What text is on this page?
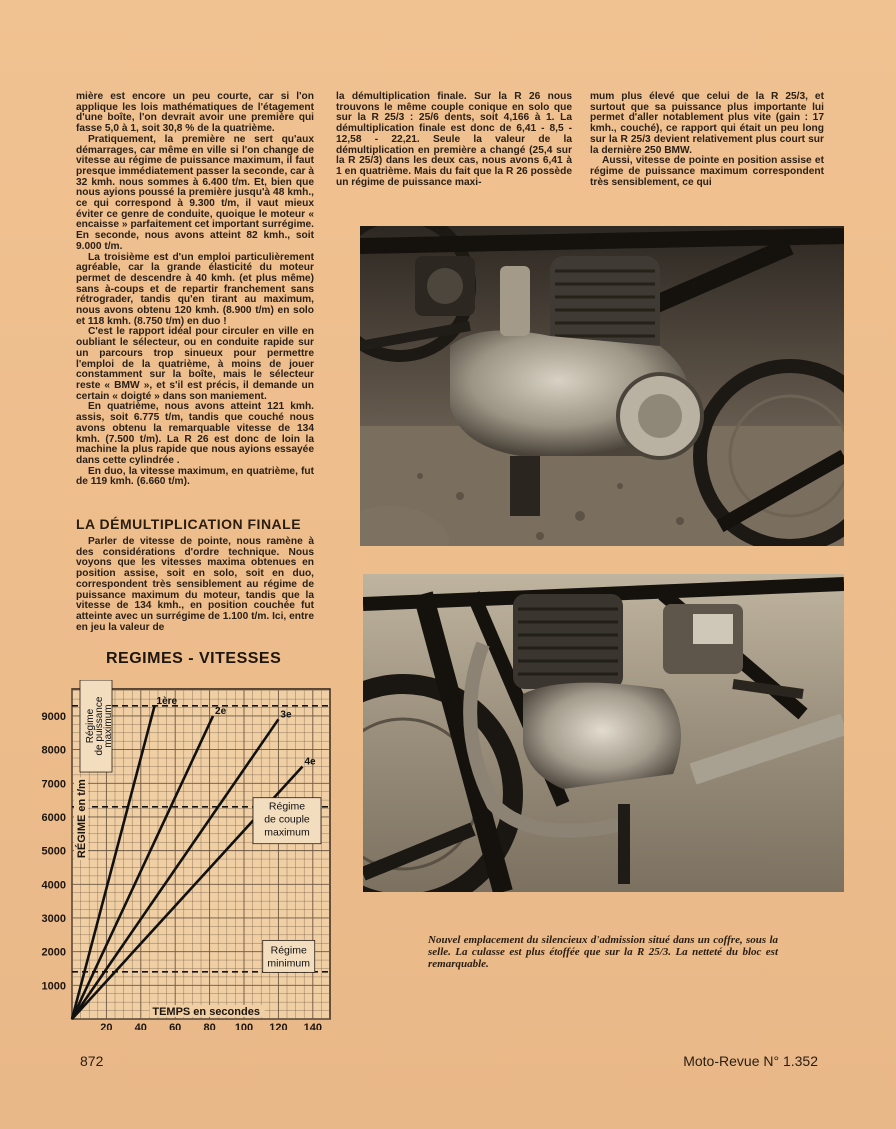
mière est encore un peu courte, car si l'on applique les lois mathématiques de l'étagement d'une boîte, l'on devrait avoir une première qui fasse 5,0 à 1, soit 30,8 % de la quatrième.

Pratiquement, la première ne sert qu'aux démarrages, car même en ville si l'on change de vitesse au régime de puissance maximum, il faut presque immédiatement passer la seconde, car à 32 kmh. nous sommes à 6.400 t/m. Et, bien que nous ayions poussé la première jusqu'à 48 kmh., ce qui correspond à 9.300 t/m, il vaut mieux éviter ce genre de conduite, quoique le moteur « encaisse » parfaitement cet important surrégime. En seconde, nous avons atteint 82 kmh., soit 9.000 t/m.

La troisième est d'un emploi particulièrement agréable, car la grande élasticité du moteur permet de descendre à 40 kmh. (et plus même) sans à-coups et de repartir franchement sans rétrograder, tandis qu'en tirant au maximum, nous avons obtenu 120 kmh. (8.900 t/m) en solo et 118 kmh. (8.750 t/m) en duo !

C'est le rapport idéal pour circuler en ville en oubliant le sélecteur, ou en conduite rapide sur un parcours trop sinueux pour permettre l'emploi de la quatrième, à moins de jouer constamment sur la boîte, mais le sélecteur reste « BMW », et s'il est précis, il demande un certain « doigté » dans son maniement.

En quatrième, nous avons atteint 121 kmh. assis, soit 6.775 t/m, tandis que couché nous avons obtenu la remarquable vitesse de 134 kmh. (7.500 t/m). La R 26 est donc de loin la machine la plus rapide que nous ayions essayée dans cette cylindrée .

En duo, la vitesse maximum, en quatrième, fut de 119 kmh. (6.660 t/m).

LA DÉMULTIPLICATION FINALE

Parler de vitesse de pointe, nous ramène à des considérations d'ordre technique. Nous voyons que les vitesses maxima obtenues en position assise, soit en solo, soit en duo, correspondent très sensiblement au régime de puissance maximum du moteur, tandis que la vitesse de 134 kmh., en position couchée fut atteinte avec un surrégime de 1.100 t/m. Ici, entre en jeu la valeur de

la démultiplication finale. Sur la R 26 nous trouvons le même couple conique en solo que sur la R 25/3 : 25/6 dents, soit 4,166 à 1. La démultiplication finale est donc de 6,41 - 8,5 - 12,58 - 22,21. Seule la valeur de la démultiplication en première a changé (25,4 sur la R 25/3) dans les deux cas, nous avons 6,41 à 1 en quatrième. Mais du fait que la R 26 possède un régime de puissance maxi-

mum plus élevé que celui de la R 25/3, et surtout que sa puissance plus importante lui permet d'aller notablement plus vite (gain : 17 kmh., couché), ce rapport qui était un peu long sur la R 25/3 devient relativement plus court sur la dernière 250 BMW.

Aussi, vitesse de pointe en position assise et régime de puissance maximum correspondent très sensiblement, ce qui

Nouvel emplacement du silencieux d'admission situé dans un coffre, sous la selle. La culasse est plus étoffée que sur la R 25/3. La netteté du bloc est remarquable.
REGIMES - VITESSES
1ère
2e	3e
4e
1000
2000
3000
4000
5000
6000
7000
8000
9000
20 40 60 80 100 120 140
TEMPS en secondes
RÉGIME en t/m
Régime
de puissance
maximum
Régime
de couple
maximum
Régime
minimum
872	Moto-Revue N° 1.352
